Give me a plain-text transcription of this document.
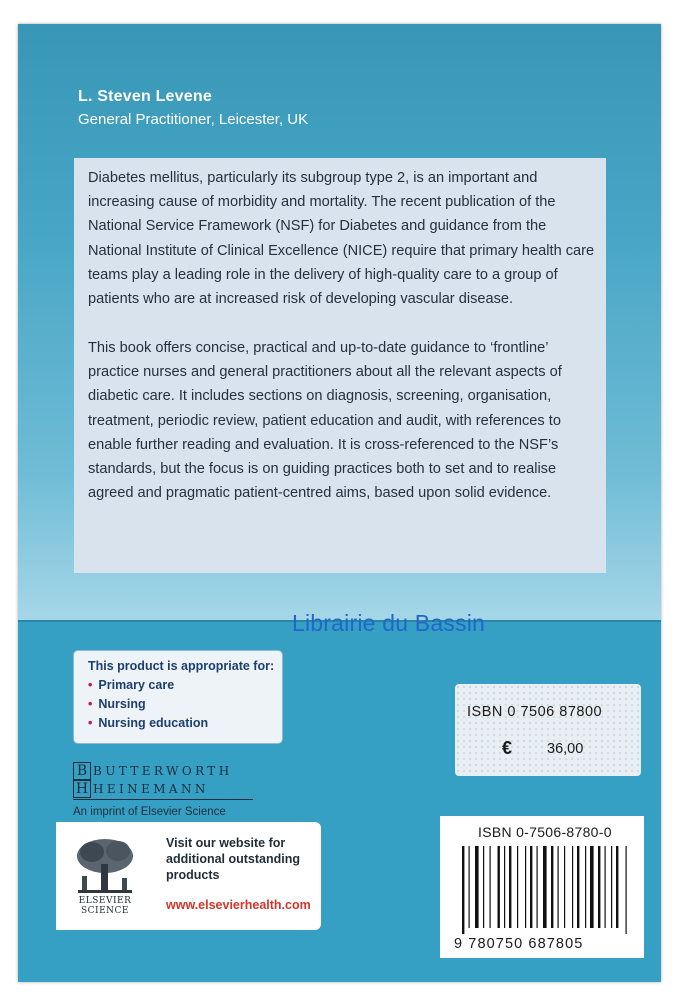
L. Steven Levene
General Practitioner, Leicester, UK

Diabetes mellitus, particularly its subgroup type 2, is an important and increasing cause of morbidity and mortality. The recent publication of the National Service Framework (NSF) for Diabetes and guidance from the National Institute of Clinical Excellence (NICE) require that primary health care teams play a leading role in the delivery of high-quality care to a group of patients who are at increased risk of developing vascular disease.

This book offers concise, practical and up-to-date guidance to ‘frontline’ practice nurses and general practitioners about all the relevant aspects of diabetic care. It includes sections on diagnosis, screening, organisation, treatment, periodic review, patient education and audit, with references to enable further reading and evaluation. It is cross-referenced to the NSF’s standards, but the focus is on guiding practices both to set and to realise agreed and pragmatic patient-centred aims, based upon solid evidence.

Librairie du Bassin
This product is appropriate for:
• Primary care
• Nursing
• Nursing education
B
H
BUTTERWORTH
HEINEMANN
An imprint of Elsevier Science
ELSEVIER
SCIENCE
Visit our website for
additional outstanding
products
www.elsevierhealth.com
ISBN 0 7506 87800
€ 36,00
ISBN 0-7506-8780-0
9 780750 687805
